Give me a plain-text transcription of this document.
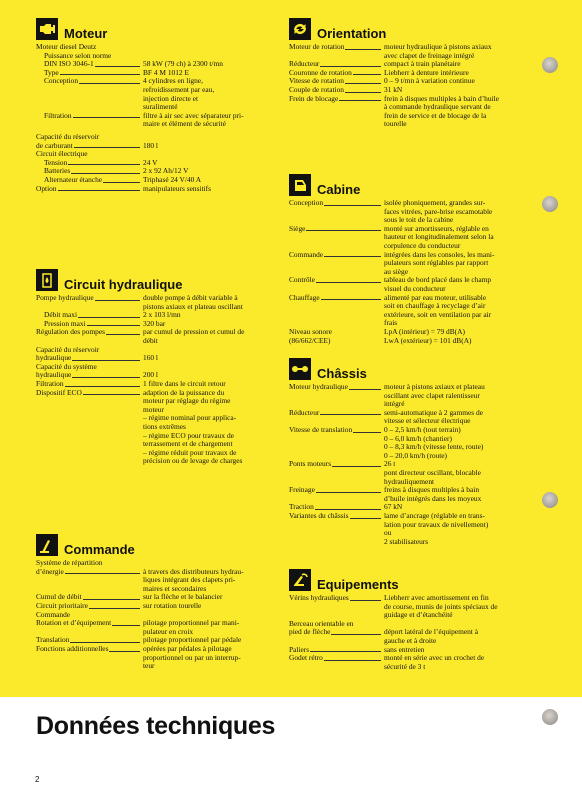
Moteur
Moteur diesel Deutz
Puissance selon norme
DIN ISO 3046-1	58 kW (79 ch) à 2300 t/mn
Type	BF 4 M 1012 E
Conception	4 cylindres en ligne,
refroidissement par eau,
injection directe et
suralimenté
Filtration	filtre à air sec avec séparateur pri-
maire et élément de sécurité
Capacité du réservoir
de carburant	180 l
Circuit électrique
Tension	24 V
Batteries	2 x 92 Ah/12 V
Alternateur étanche	Triphasé 24 V/40 A
Option	manipulateurs sensitifs
Orientation
Moteur de rotation	moteur hydraulique à pistons axiaux
avec clapet de freinage intégré
Réducteur	compact à train planétaire
Couronne de rotation	Liebherr à denture intérieure
Vitesse de rotation	0 – 9 t/mn à variation continue
Couple de rotation	31 kN
Frein de blocage	frein à disques multiples à bain d’huile
à commande hydraulique servant de
frein de service et de blocage de la
tourelle
Cabine
Conception	isolée phoniquement, grandes sur-
faces vitrées, pare-brise escamotable
sous le toit de la cabine
Siège	monté sur amortisseurs, réglable en
hauteur et longitudinalement selon la
corpulence du conducteur
Commande	intégrées dans les consoles, les mani-
pulateurs sont réglables par rapport
au siège
Contrôle	tableau de bord placé dans le champ
visuel du conducteur
Chauffage	alimenté par eau moteur, utilisable
soit en chauffage à recyclage d’air
extérieure, soit en ventilation par air
frais
Niveau sonore	LpA (intérieur) = 79 dB(A)
(86/662/CEE)	LwA (extérieur) = 101 dB(A)
Circuit hydraulique
Pompe hydraulique	double pompe à débit variable à
pistons axiaux et plateau oscillant
Débit maxi	2 x 103 l/mn
Pression maxi	320 bar
Régulation des pompes	par cumul de pression et cumul de
débit
Capacité du réservoir
hydraulique	160 l
Capacité du système
hydraulique	200 l
Filtration	1 filtre dans le circuit retour
Dispositif ECO	adaption de la puissance du
moteur par réglage du régime
moteur
– régime nominal pour applica-
tions extrêmes
– régime ECO pour travaux de
terrassement et de chargement
– régime réduit pour travaux de
précision ou de levage de charges
Châssis
Moteur hydraulique	moteur à pistons axiaux et plateau
oscillant avec clapet ralentisseur
intégré
Réducteur	semi-automatique à 2 gammes de
vitesse et sélecteur électrique
Vitesse de translation	0 – 2,5 km/h (tout terrain)
0 – 6,0 km/h (chantier)
0 – 8,3 km/h (vitesse lente, route)
0 – 20,0 km/h (route)
Ponts moteurs	26 t
pont directeur oscillant, blocable
hydrauliquement
Freinage	freins à disques multiples à bain
d’huile intégrés dans les moyeux
Traction	67 kN
Variantes du châssis	lame d’ancrage (réglable en trans-
lation pour travaux de nivellement)
ou
2 stabilisateurs
Commande
Système de répartition
d’énergie	à travers des distributeurs hydrau-
liques intégrant des clapets pri-
maires et secondaires
Cumul de débit	sur la flèche et le balancier
Circuit prioritaire	sur rotation tourelle
Commande
Rotation et d’équipement	pilotage proportionnel par mani-
pulateur en croix
Translation	pilotage proportionnel par pédale
Fonctions additionnelles	opérées par pédales à pilotage
proportionnel ou par un interrup-
teur
Equipements
Vérins hydrauliques	Liebherr avec amortissement en fin
de course, munis de joints spéciaux de
guidage et d’étanchéité
Berceau orientable en
pied de flèche	déport latéral de l’équipement à
gauche et à droite
Paliers	sans entretien
Godet rétro	monté en série avec un crochet de
sécurité de 3 t
Données techniques
2
